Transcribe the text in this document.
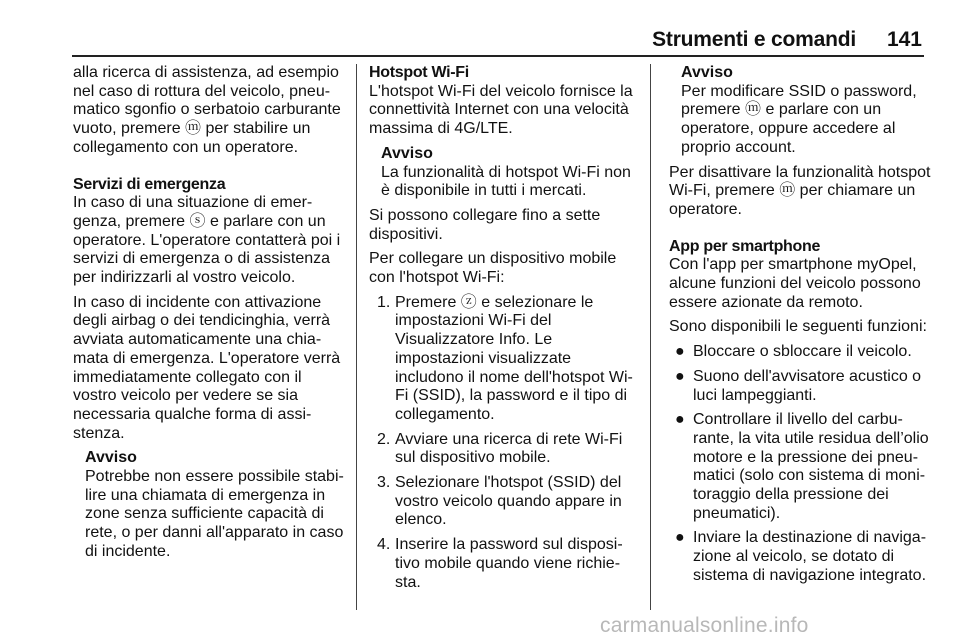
Strumenti e comandi 141

alla ricerca di assistenza, ad esempio nel caso di rottura del veicolo, pneumatico sgonfio o serbatoio carburante vuoto, premere ⓜ per stabilire un collegamento con un operatore.

Servizi di emergenza

In caso di una situazione di emergenza, premere ⓢ e parlare con un operatore. L'operatore contatterà poi i servizi di emergenza o di assistenza per indirizzarli al vostro veicolo.

In caso di incidente con attivazione degli airbag o dei tendicinghia, verrà avviata automaticamente una chiamata di emergenza. L'operatore verrà immediatamente collegato con il vostro veicolo per vedere se sia necessaria qualche forma di assistenza.

Avviso

Potrebbe non essere possibile stabilire una chiamata di emergenza in zone senza sufficiente capacità di rete, o per danni all'apparato in caso di incidente.

Hotspot Wi-Fi

L'hotspot Wi-Fi del veicolo fornisce la connettività Internet con una velocità massima di 4G/LTE.

Avviso

La funzionalità di hotspot Wi-Fi non è disponibile in tutti i mercati.

Si possono collegare fino a sette dispositivi.

Per collegare un dispositivo mobile con l'hotspot Wi-Fi:

1. Premere ⓩ e selezionare le impostazioni Wi-Fi del Visualizzatore Info. Le impostazioni visualizzate includono il nome dell'hotspot Wi-Fi (SSID), la password e il tipo di collegamento.
2. Avviare una ricerca di rete Wi-Fi sul dispositivo mobile.
3. Selezionare l'hotspot (SSID) del vostro veicolo quando appare in elenco.
4. Inserire la password sul dispositivo mobile quando viene richiesta.

Avviso

Per modificare SSID o password, premere ⓜ e parlare con un operatore, oppure accedere al proprio account.

Per disattivare la funzionalità hotspot Wi-Fi, premere ⓜ per chiamare un operatore.

App per smartphone

Con l'app per smartphone myOpel, alcune funzioni del veicolo possono essere azionate da remoto.

Sono disponibili le seguenti funzioni:

● Bloccare o sbloccare il veicolo.
● Suono dell'avvisatore acustico o luci lampeggianti.
● Controllare il livello del carburante, la vita utile residua dell’olio motore e la pressione dei pneumatici (solo con sistema di monitoraggio della pressione dei pneumatici).
● Inviare la destinazione di navigazione al veicolo, se dotato di sistema di navigazione integrato.
carmanualsonline.info
